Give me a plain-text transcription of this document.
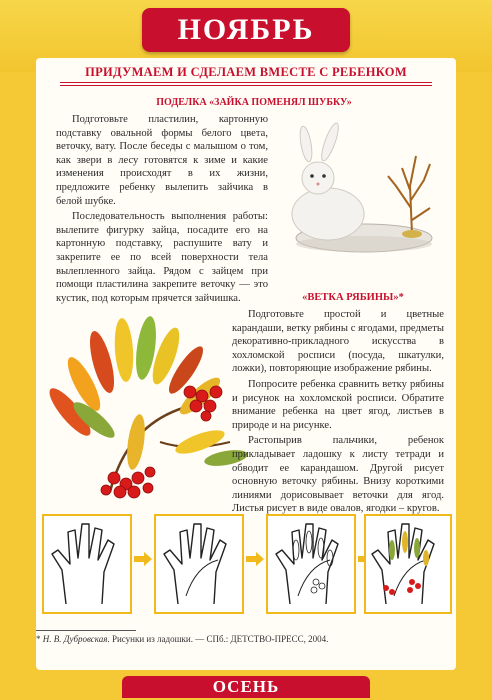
НОЯБРЬ
ПРИДУМАЕМ И СДЕЛАЕМ ВМЕСТЕ С РЕБЕНКОМ
ПОДЕЛКА «ЗАЙКА ПОМЕНЯЛ ШУБКУ»

Подготовьте пластилин, картонную подставку овальной формы белого цвета, веточку, вату. После беседы с малышом о том, как звери в лесу готовятся к зиме и какие изменения происходят в их жизни, предложите ребенку вылепить зайчика в белой шубке.

Последовательность выполнения работы: вылепите фигурку зайца, посадите его на картонную подставку, распушите вату и закрепите ее по всей поверхности тела вылепленного зайца. Рядом с зайцем при помощи пластилина закрепите веточку — это кустик, под которым прячется зайчишка.	«ВЕТКА РЯБИНЫ»*

Подготовьте простой и цветные карандаши, ветку рябины с ягодами, предметы декоративно-прикладного искусства в хохломской росписи (посуда, шкатулки, ложки), повторяющие изображение рябины.

Попросите ребенка сравнить ветку рябины и рисунок на хохломской росписи. Обратите внимание ребенка на цвет ягод, листьев в природе и на рисунке.

Растопырив пальчики, ребенок прикладывает ладошку к листу тетради и обводит ее карандашом. Другой рисует основную веточку рябины. Внизу короткими линиями дорисовывает веточки для ягод. Листья рисует в виде овалов, ягодки – кругов.

* Н. В. Дубровская. Рисунки из ладошки. — СПб.: ДЕТСТВО-ПРЕСС, 2004.
ОСЕНЬ
